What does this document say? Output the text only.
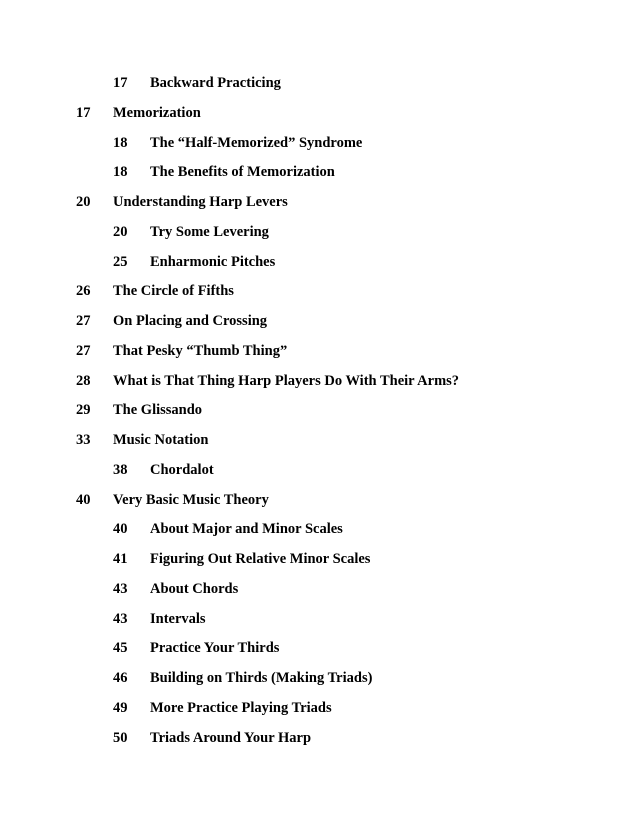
17 Backward Practicing
17 Memorization
18 The “Half-Memorized” Syndrome
18 The Benefits of Memorization
20 Understanding Harp Levers
20 Try Some Levering
25 Enharmonic Pitches
26 The Circle of Fifths
27 On Placing and Crossing
27 That Pesky “Thumb Thing”
28 What is That Thing Harp Players Do With Their Arms?
29 The Glissando
33 Music Notation
38 Chordalot
40 Very Basic Music Theory
40 About Major and Minor Scales
41 Figuring Out Relative Minor Scales
43 About Chords
43 Intervals
45 Practice Your Thirds
46 Building on Thirds (Making Triads)
49 More Practice Playing Triads
50 Triads Around Your Harp
